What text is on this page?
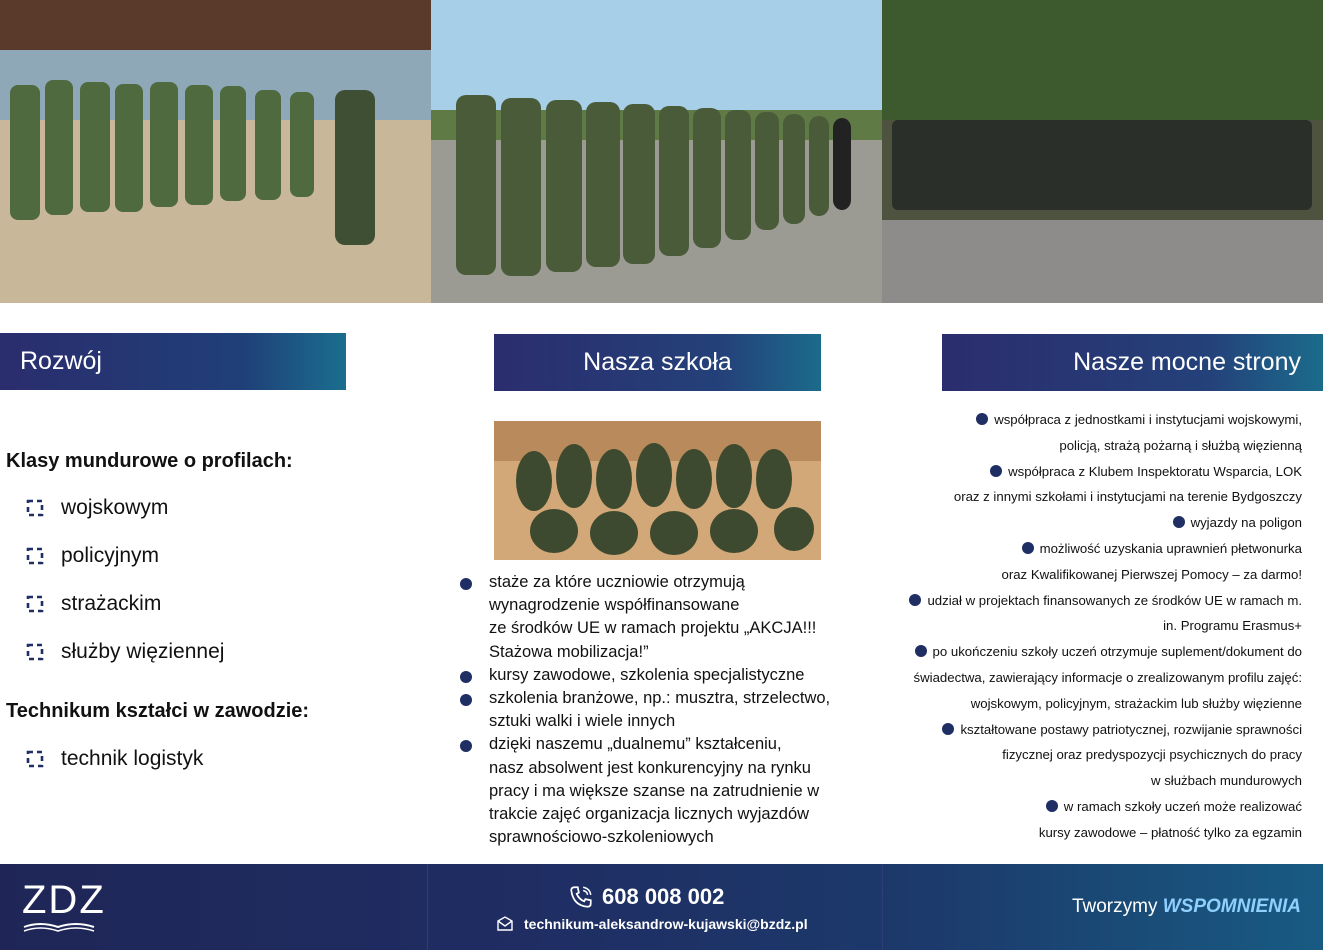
Rozwój	Nasza szkoła	Nasze mocne strony
Klasy mundurowe o profilach:
wojskowym
policyjnym
strażackim
służby więziennej
Technikum kształci w zawodzie:
technik logistyk
staże za które uczniowie otrzymują
wynagrodzenie współfinansowane
ze środków UE w ramach projektu „AKCJA!!!
Stażowa mobilizacja!”
kursy zawodowe, szkolenia specjalistyczne
szkolenia branżowe, np.: musztra, strzelectwo,
sztuki walki i wiele innych
dzięki naszemu „dualnemu” kształceniu,
nasz absolwent jest konkurencyjny na rynku
pracy i ma większe szanse na zatrudnienie w
trakcie zajęć organizacja licznych wyjazdów
sprawnościowo-szkoleniowych
współpraca z jednostkami i instytucjami wojskowymi,
policją, strażą pożarną i służbą więzienną
współpraca z Klubem Inspektoratu Wsparcia, LOK
oraz z innymi szkołami i instytucjami na terenie Bydgoszczy
wyjazdy na poligon
możliwość uzyskania uprawnień płetwonurka
oraz Kwalifikowanej Pierwszej Pomocy – za darmo!
udział w projektach finansowanych ze środków UE w ramach m.
in. Programu Erasmus+
po ukończeniu szkoły uczeń otrzymuje suplement/dokument do
świadectwa, zawierający informacje o zrealizowanym profilu zajęć:
wojskowym, policyjnym, strażackim lub służby więzienne
kształtowane postawy patriotycznej, rozwijanie sprawności
fizycznej oraz predyspozycji psychicznych do pracy
w służbach mundurowych
w ramach szkoły uczeń może realizować
kursy zawodowe – płatność tylko za egzamin
ZDZ	608 008 002
technikum-aleksandrow-kujawski@bzdz.pl
Tworzymy WSPOMNIENIA
